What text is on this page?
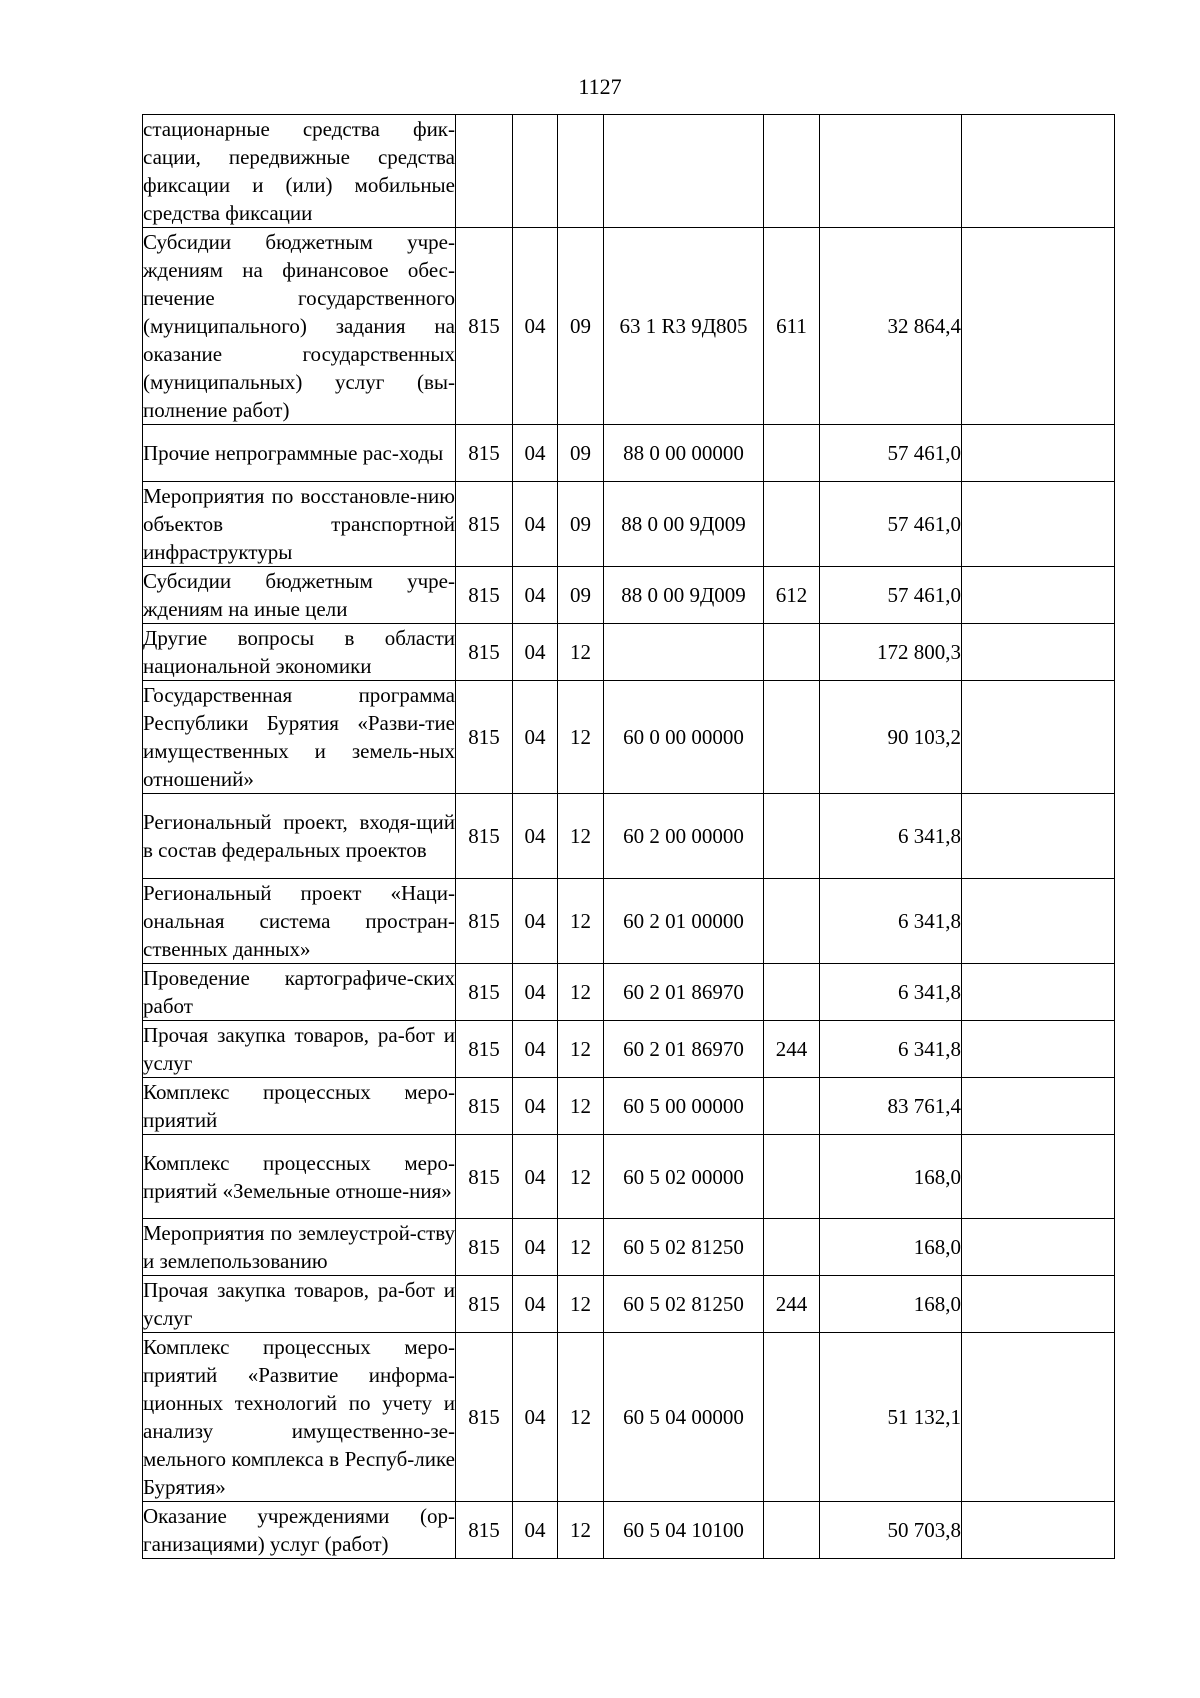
1127
стационарные средства фик-сации, передвижные средства фиксации и (или) мобильные средства фиксации							
Субсидии бюджетным учре-ждениям на финансовое обес-печение государственного (муниципального) задания на оказание государственных (муниципальных) услуг (вы-полнение работ)	815	04	09	63 1 R3 9Д805	611	32 864,4	
Прочие непрограммные рас-ходы	815	04	09	88 0 00 00000		57 461,0	
Мероприятия по восстановле-нию объектов транспортной инфраструктуры	815	04	09	88 0 00 9Д009		57 461,0	
Субсидии бюджетным учре-ждениям на иные цели	815	04	09	88 0 00 9Д009	612	57 461,0	
Другие вопросы в области национальной экономики	815	04	12			172 800,3	
Государственная программа Республики Бурятия «Разви-тие имущественных и земель-ных отношений»	815	04	12	60 0 00 00000		90 103,2	
Региональный проект, входя-щий в состав федеральных проектов	815	04	12	60 2 00 00000		6 341,8	
Региональный проект «Наци-ональная система простран-ственных данных»	815	04	12	60 2 01 00000		6 341,8	
Проведение картографиче-ских работ	815	04	12	60 2 01 86970		6 341,8	
Прочая закупка товаров, ра-бот и услуг	815	04	12	60 2 01 86970	244	6 341,8	
Комплекс процессных меро-приятий	815	04	12	60 5 00 00000		83 761,4	
Комплекс процессных меро-приятий «Земельные отноше-ния»	815	04	12	60 5 02 00000		168,0	
Мероприятия по землеустрой-ству и землепользованию	815	04	12	60 5 02 81250		168,0	
Прочая закупка товаров, ра-бот и услуг	815	04	12	60 5 02 81250	244	168,0	
Комплекс процессных меро-приятий «Развитие информа-ционных технологий по учету и анализу имущественно-зе-мельного комплекса в Респуб-лике Бурятия»	815	04	12	60 5 04 00000		51 132,1	
Оказание учреждениями (ор-ганизациями) услуг (работ)	815	04	12	60 5 04 10100		50 703,8	
